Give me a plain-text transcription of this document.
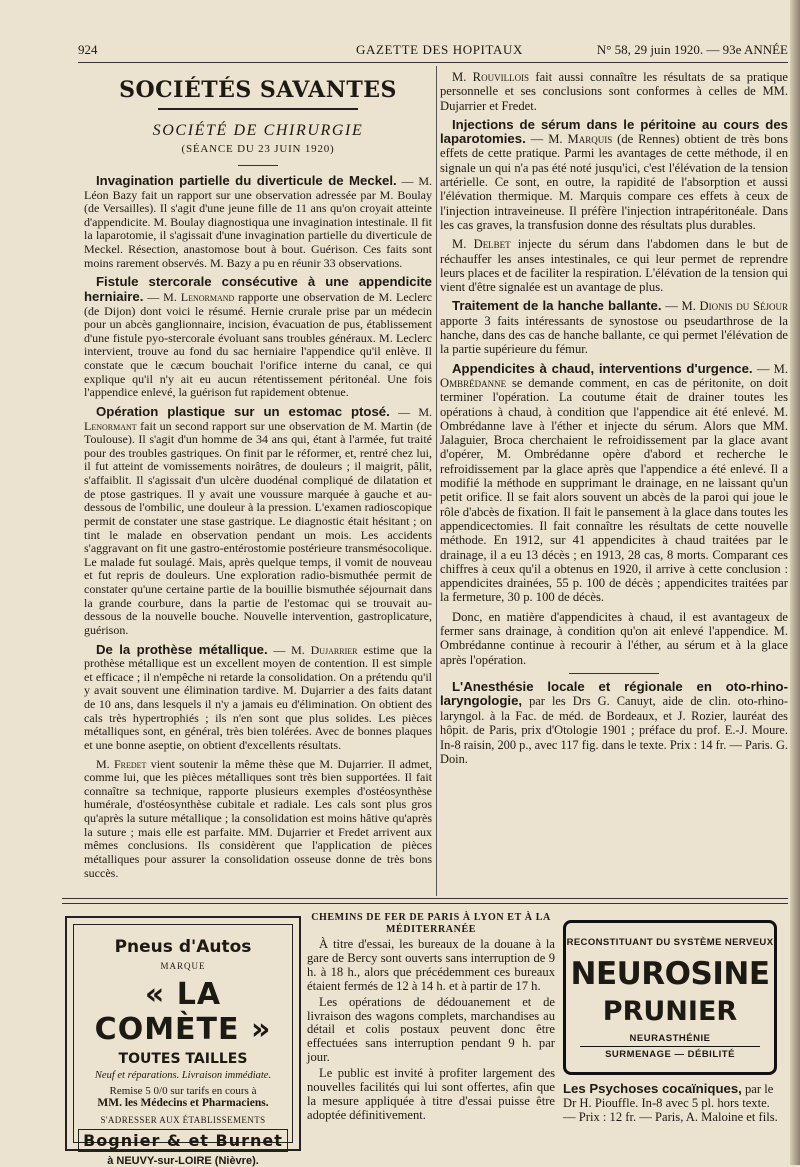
924	GAZETTE DES HOPITAUX	N° 58, 29 juin 1920. — 93e ANNÉE
SOCIÉTÉS SAVANTES
SOCIÉTÉ DE CHIRURGIE
(SÉANCE DU 23 JUIN 1920)

Invagination partielle du diverticule de Meckel. — M. Léon Bazy fait un rapport sur une observation adressée par M. Boulay (de Versailles). Il s'agit d'une jeune fille de 11 ans qu'on croyait atteinte d'appendicite. M. Boulay diagnostiqua une invagination intestinale. Il fit la laparotomie, il s'agissait d'une invagination partielle du diverticule de Meckel. Résection, anastomose bout à bout. Guérison. Ces faits sont moins rarement observés. M. Bazy a pu en réunir 33 observations.

Fistule stercorale consécutive à une appendicite herniaire. — M. Lenormand rapporte une observation de M. Leclerc (de Dijon) dont voici le résumé. Hernie crurale prise par un médecin pour un abcès ganglionnaire, incision, évacuation de pus, établissement d'une fistule pyo-stercorale évoluant sans troubles généraux. M. Leclerc intervient, trouve au fond du sac herniaire l'appendice qu'il enlève. Il constate que le cæcum bouchait l'orifice interne du canal, ce qui explique qu'il n'y ait eu aucun rétentissement péritonéal. Une fois l'appendice enlevé, la guérison fut rapidement obtenue.

Opération plastique sur un estomac ptosé. — M. Lenormant fait un second rapport sur une observation de M. Martin (de Toulouse). Il s'agit d'un homme de 34 ans qui, étant à l'armée, fut traité pour des troubles gastriques. On finit par le réformer, et, rentré chez lui, il fut atteint de vomissements noirâtres, de douleurs ; il maigrit, pâlit, s'affaiblit. Il s'agissait d'un ulcère duodénal compliqué de dilatation et de ptose gastriques. Il y avait une voussure marquée à gauche et au-dessous de l'ombilic, une douleur à la pression. L'examen radioscopique permit de constater une stase gastrique. Le diagnostic était hésitant ; on tint le malade en observation pendant un mois. Les accidents s'aggravant on fit une gastro-entérostomie postérieure transmésocolique. Le malade fut soulagé. Mais, après quelque temps, il vomit de nouveau et fut repris de douleurs. Une exploration radio-bismuthée permit de constater qu'une certaine partie de la bouillie bismuthée séjournait dans la grande courbure, dans la partie de l'estomac qui se trouvait au-dessous de la nouvelle bouche. Nouvelle intervention, gastroplicature, guérison.

De la prothèse métallique. — M. Dujarrier estime que la prothèse métallique est un excellent moyen de contention. Il est simple et efficace ; il n'empêche ni retarde la consolidation. On a prétendu qu'il y avait souvent une élimination tardive. M. Dujarrier a des faits datant de 10 ans, dans lesquels il n'y a jamais eu d'élimination. On obtient des cals très hypertrophiés ; ils n'en sont que plus solides. Les pièces métalliques sont, en général, très bien tolérées. Avec de bonnes plaques et une bonne aseptie, on obtient d'excellents résultats.

M. Fredet vient soutenir la même thèse que M. Dujarrier. Il admet, comme lui, que les pièces métalliques sont très bien supportées. Il fait connaître sa technique, rapporte plusieurs exemples d'ostéosynthèse humérale, d'ostéosynthèse cubitale et radiale. Les cals sont plus gros qu'après la suture métallique ; la consolidation est moins hâtive qu'après la suture ; mais elle est parfaite. MM. Dujarrier et Fredet arrivent aux mêmes conclusions. Ils considèrent que l'application de pièces métalliques pour assurer la consolidation osseuse donne de très bons succès.

M. Rouvillois fait aussi connaître les résultats de sa pratique personnelle et ses conclusions sont conformes à celles de MM. Dujarrier et Fredet.

Injections de sérum dans le péritoine au cours des laparotomies. — M. Marquis (de Rennes) obtient de très bons effets de cette pratique. Parmi les avantages de cette méthode, il en signale un qui n'a pas été noté jusqu'ici, c'est l'élévation de la tension artérielle. Ce sont, en outre, la rapidité de l'absorption et aussi l'élévation thermique. M. Marquis compare ces effets à ceux de l'injection intraveineuse. Il préfère l'injection intrapéritonéale. Dans les cas graves, la transfusion donne des résultats plus durables.

M. Delbet injecte du sérum dans l'abdomen dans le but de réchauffer les anses intestinales, ce qui leur permet de reprendre leurs places et de faciliter la respiration. L'élévation de la tension qui vient d'être signalée est un avantage de plus.

Traitement de la hanche ballante. — M. Dionis du Séjour apporte 3 faits intéressants de synostose ou pseudarthrose de la hanche, dans des cas de hanche ballante, ce qui permet l'élévation de la partie supérieure du fémur.

Appendicites à chaud, interventions d'urgence. — M. Ombrédanne se demande comment, en cas de péritonite, on doit terminer l'opération. La coutume était de drainer toutes les opérations à chaud, à condition que l'appendice ait été enlevé. M. Ombrédanne lave à l'éther et injecte du sérum. Alors que MM. Jalaguier, Broca cherchaient le refroidissement par la glace avant d'opérer, M. Ombrédanne opère d'abord et recherche le refroidissement par la glace après que l'appendice a été enlevé. Il a modifié la méthode en supprimant le drainage, en ne laissant qu'un petit orifice. Il se fait alors souvent un abcès de la paroi qui joue le rôle d'abcès de fixation. Il fait le pansement à la glace dans toutes les appendicectomies. Il fait connaître les résultats de cette nouvelle méthode. En 1912, sur 41 appendicites à chaud traitées par le drainage, il a eu 13 décès ; en 1913, 28 cas, 8 morts. Comparant ces chiffres à ceux qu'il a obtenus en 1920, il arrive à cette conclusion : appendicites drainées, 55 p. 100 de décès ; appendicites traitées par la fermeture, 30 p. 100 de décès.

Donc, en matière d'appendicites à chaud, il est avantageux de fermer sans drainage, à condition qu'on ait enlevé l'appendice. M. Ombrédanne continue à recourir à l'éther, au sérum et à la glace après l'opération.

L'Anesthésie locale et régionale en oto-rhino-laryngologie, par les Drs G. Canuyt, aide de clin. oto-rhino-laryngol. à la Fac. de méd. de Bordeaux, et J. Rozier, lauréat des hôpit. de Paris, prix d'Otologie 1901 ; préface du prof. E.-J. Moure. In-8 raisin, 200 p., avec 117 fig. dans le texte. Prix : 14 fr. — Paris. G. Doin.

Pneus d'Autos
MARQUE
« LA COMÈTE »
TOUTES TAILLES
Neuf et réparations. Livraison immédiate.
Remise 5 0/0 sur tarifs en cours à
MM. les Médecins et Pharmaciens.
S'ADRESSER AUX ÉTABLISSEMENTS
Bognier & et Burnet
à NEUVY-sur-LOIRE (Nièvre).
CHEMINS DE FER DE PARIS À LYON ET À LA MÉDITERRANÉE

À titre d'essai, les bureaux de la douane à la gare de Bercy sont ouverts sans interruption de 9 h. à 18 h., alors que précédemment ces bureaux étaient fermés de 12 à 14 h. et à partir de 17 h.

Les opérations de dédouanement et de livraison des wagons complets, marchandises au détail et colis postaux peuvent donc être effectuées sans interruption pendant 9 h. par jour.

Le public est invité à profiter largement des nouvelles facilités qui lui sont offertes, afin que la mesure appliquée à titre d'essai puisse être adoptée définitivement.

RECONSTITUANT DU SYSTÈME NERVEUX
NEUROSINE
PRUNIER
NEURASTHÉNIE
SURMENAGE — DÉBILITÉ
Les Psychoses cocaïniques, par le Dr H. Piouffle. In-8 avec 5 pl. hors texte. — Prix : 12 fr. — Paris, A. Maloine et fils.
